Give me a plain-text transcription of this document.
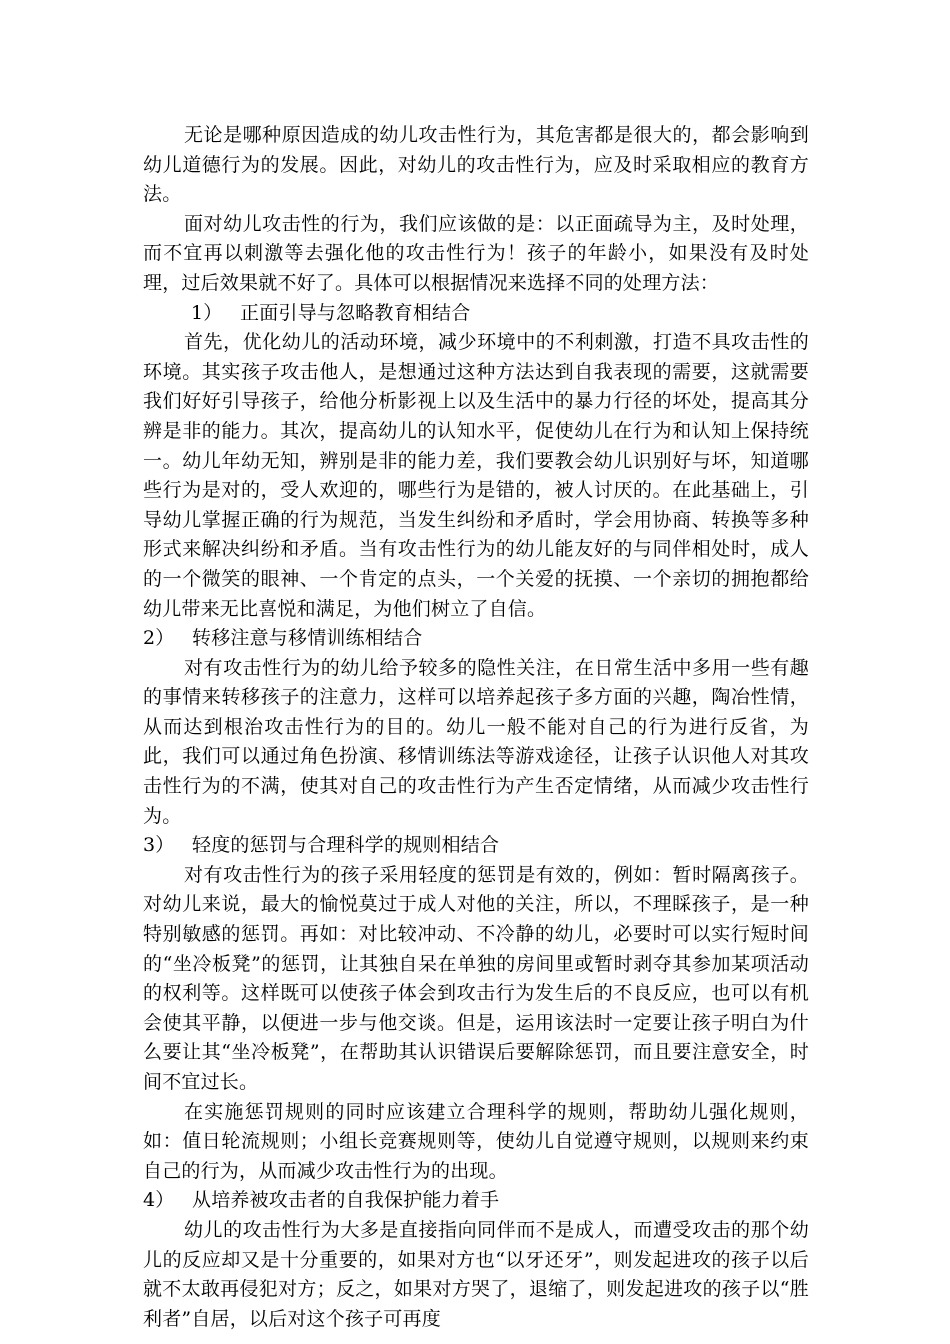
无论是哪种原因造成的幼儿攻击性行为，其危害都是很大的，都会影响到幼儿道德行为的发展。因此，对幼儿的攻击性行为，应及时采取相应的教育方法。

面对幼儿攻击性的行为，我们应该做的是：以正面疏导为主，及时处理，而不宜再以刺激等去强化他的攻击性行为！孩子的年龄小，如果没有及时处理，过后效果就不好了。具体可以根据情况来选择不同的处理方法：

1） 正面引导与忽略教育相结合

首先，优化幼儿的活动环境，减少环境中的不利刺激，打造不具攻击性的环境。其实孩子攻击他人，是想通过这种方法达到自我表现的需要，这就需要我们好好引导孩子，给他分析影视上以及生活中的暴力行径的坏处，提高其分辨是非的能力。其次，提高幼儿的认知水平，促使幼儿在行为和认知上保持统一。幼儿年幼无知，辨别是非的能力差，我们要教会幼儿识别好与坏，知道哪些行为是对的，受人欢迎的，哪些行为是错的，被人讨厌的。在此基础上，引导幼儿掌握正确的行为规范，当发生纠纷和矛盾时，学会用协商、转换等多种形式来解决纠纷和矛盾。当有攻击性行为的幼儿能友好的与同伴相处时，成人的一个微笑的眼神、一个肯定的点头，一个关爱的抚摸、一个亲切的拥抱都给幼儿带来无比喜悦和满足，为他们树立了自信。

2） 转移注意与移情训练相结合

对有攻击性行为的幼儿给予较多的隐性关注，在日常生活中多用一些有趣的事情来转移孩子的注意力，这样可以培养起孩子多方面的兴趣，陶冶性情，从而达到根治攻击性行为的目的。幼儿一般不能对自己的行为进行反省，为此，我们可以通过角色扮演、移情训练法等游戏途径，让孩子认识他人对其攻击性行为的不满，使其对自己的攻击性行为产生否定情绪，从而减少攻击性行为。

3） 轻度的惩罚与合理科学的规则相结合

对有攻击性行为的孩子采用轻度的惩罚是有效的，例如：暂时隔离孩子。对幼儿来说，最大的愉悦莫过于成人对他的关注，所以，不理睬孩子，是一种特别敏感的惩罚。再如：对比较冲动、不冷静的幼儿，必要时可以实行短时间的“坐冷板凳”的惩罚，让其独自呆在单独的房间里或暂时剥夺其参加某项活动的权利等。这样既可以使孩子体会到攻击行为发生后的不良反应，也可以有机会使其平静，以便进一步与他交谈。但是，运用该法时一定要让孩子明白为什么要让其“坐冷板凳”，在帮助其认识错误后要解除惩罚，而且要注意安全，时间不宜过长。

在实施惩罚规则的同时应该建立合理科学的规则，帮助幼儿强化规则，如：值日轮流规则；小组长竞赛规则等，使幼儿自觉遵守规则，以规则来约束自己的行为，从而减少攻击性行为的出现。

4） 从培养被攻击者的自我保护能力着手

幼儿的攻击性行为大多是直接指向同伴而不是成人，而遭受攻击的那个幼儿的反应却又是十分重要的，如果对方也“以牙还牙”，则发起进攻的孩子以后就不太敢再侵犯对方；反之，如果对方哭了，退缩了，则发起进攻的孩子以“胜利者”自居，以后对这个孩子可再度
